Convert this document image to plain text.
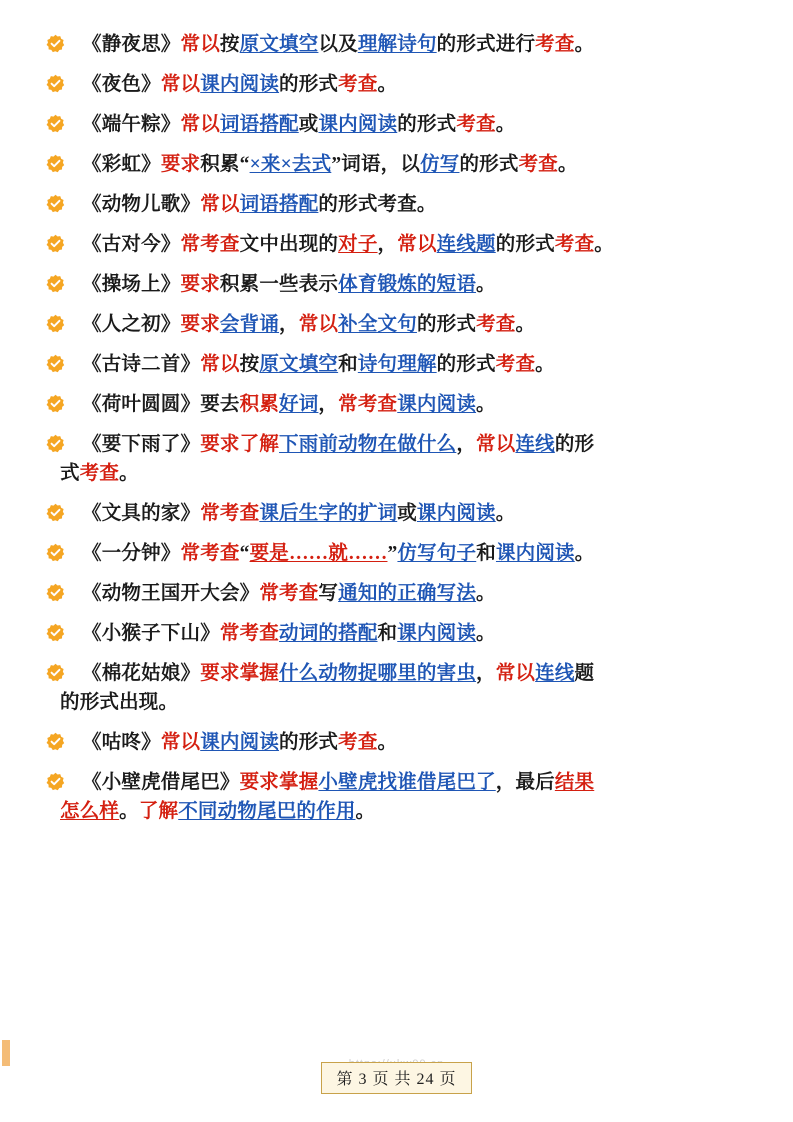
《静夜思》常以按原文填空以及理解诗句的形式进行考查。
《夜色》常以课内阅读的形式考查。
《端午粽》常以词语搭配或课内阅读的形式考查。
《彩虹》要求积累“×来×去式”词语，以仿写的形式考查。
《动物儿歌》常以词语搭配的形式考查。
《古对今》常考查文中出现的对子，常以连线题的形式考查。
《操场上》要求积累一些表示体育锻炼的短语。
《人之初》要求会背诵，常以补全文句的形式考查。
《古诗二首》常以按原文填空和诗句理解的形式考查。
《荷叶圆圆》要去积累好词，常考查课内阅读。
《要下雨了》要求了解下雨前动物在做什么，常以连线的形
式考查。
《文具的家》常考查课后生字的扩词或课内阅读。
《一分钟》常考查“要是……就……”仿写句子和课内阅读。
《动物王国开大会》常考查写通知的正确写法。
《小猴子下山》常考查动词的搭配和课内阅读。
《棉花姑娘》要求掌握什么动物捉哪里的害虫，常以连线题
的形式出现。
《咕咚》常以课内阅读的形式考查。
《小壁虎借尾巴》要求掌握小壁虎找谁借尾巴了，最后结果
怎么样。了解不同动物尾巴的作用。
第 3 页 共 24 页
